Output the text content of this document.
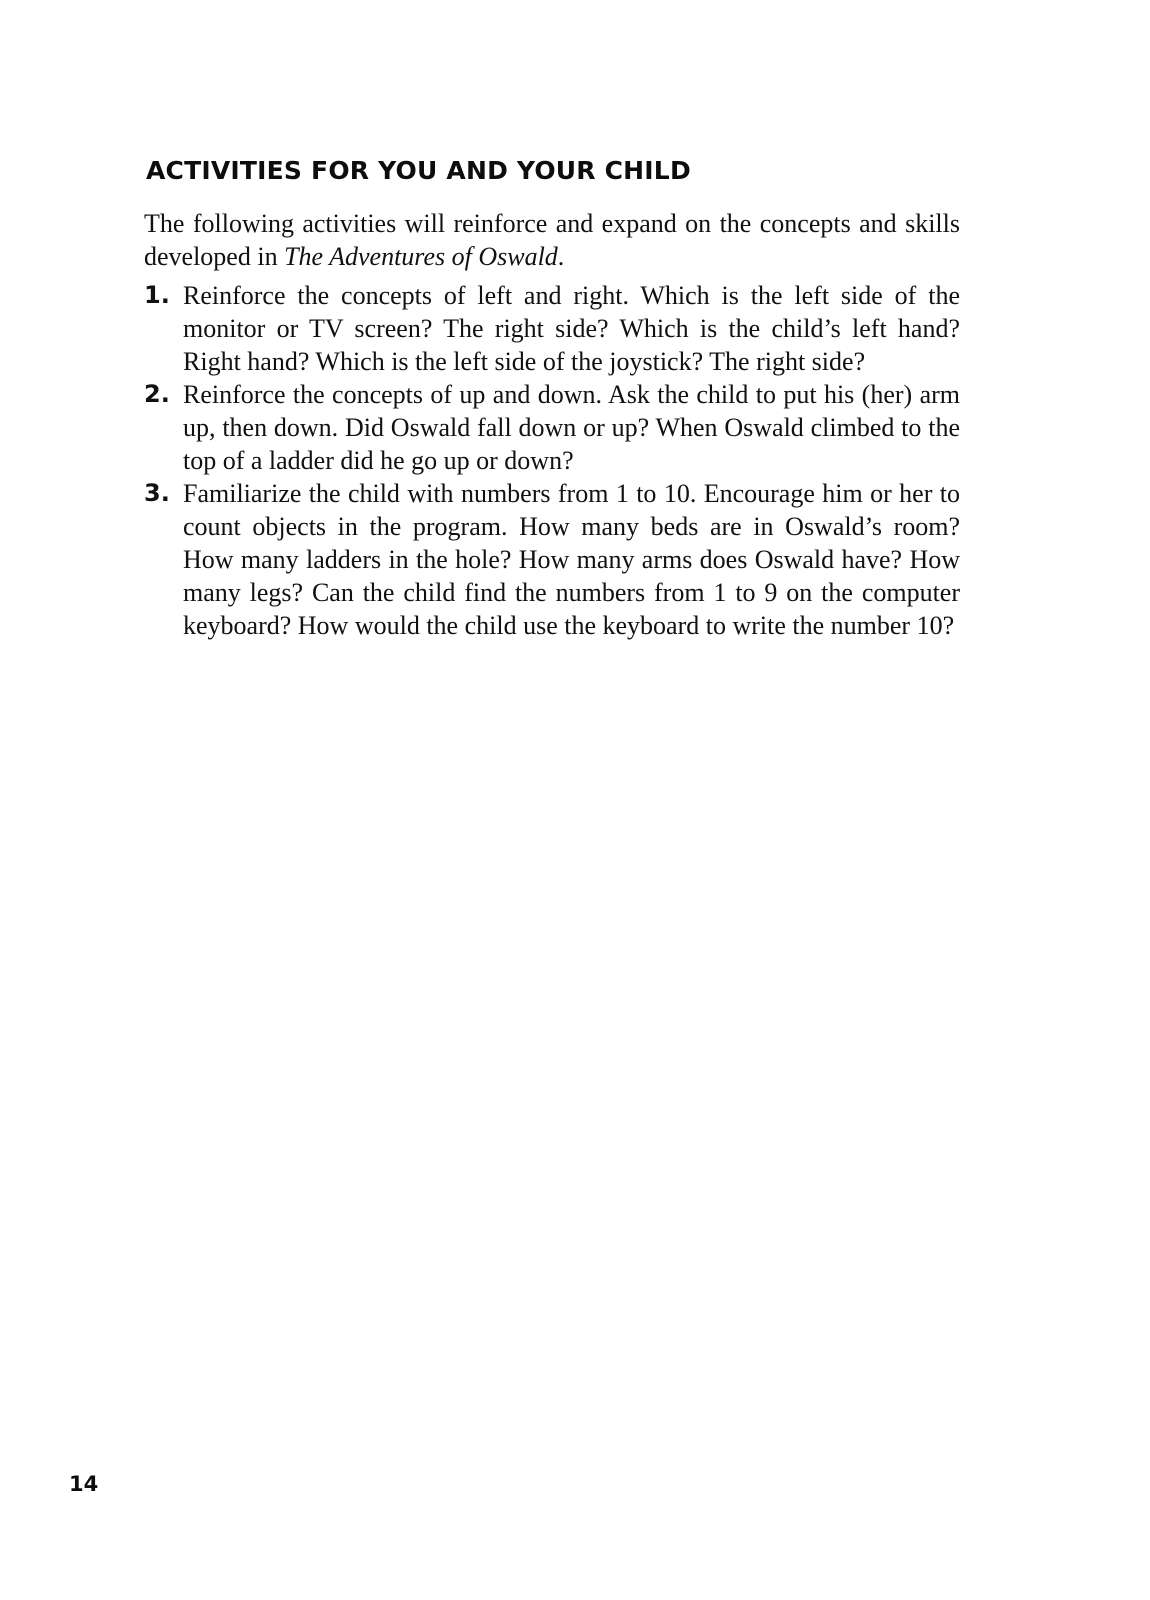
ACTIVITIES FOR YOU AND YOUR CHILD

The following activities will reinforce and expand on the concepts and skills developed in The Adventures of Oswald.

1. Reinforce the concepts of left and right. Which is the left side of the monitor or TV screen? The right side? Which is the child’s left hand? Right hand? Which is the left side of the joystick? The right side?
2. Reinforce the concepts of up and down. Ask the child to put his (her) arm up, then down. Did Oswald fall down or up? When Oswald climbed to the top of a ladder did he go up or down?
3. Familiarize the child with numbers from 1 to 10. Encourage him or her to count objects in the program. How many beds are in Oswald’s room? How many ladders in the hole? How many arms does Oswald have? How many legs? Can the child find the numbers from 1 to 9 on the computer keyboard? How would the child use the keyboard to write the number 10?
14
